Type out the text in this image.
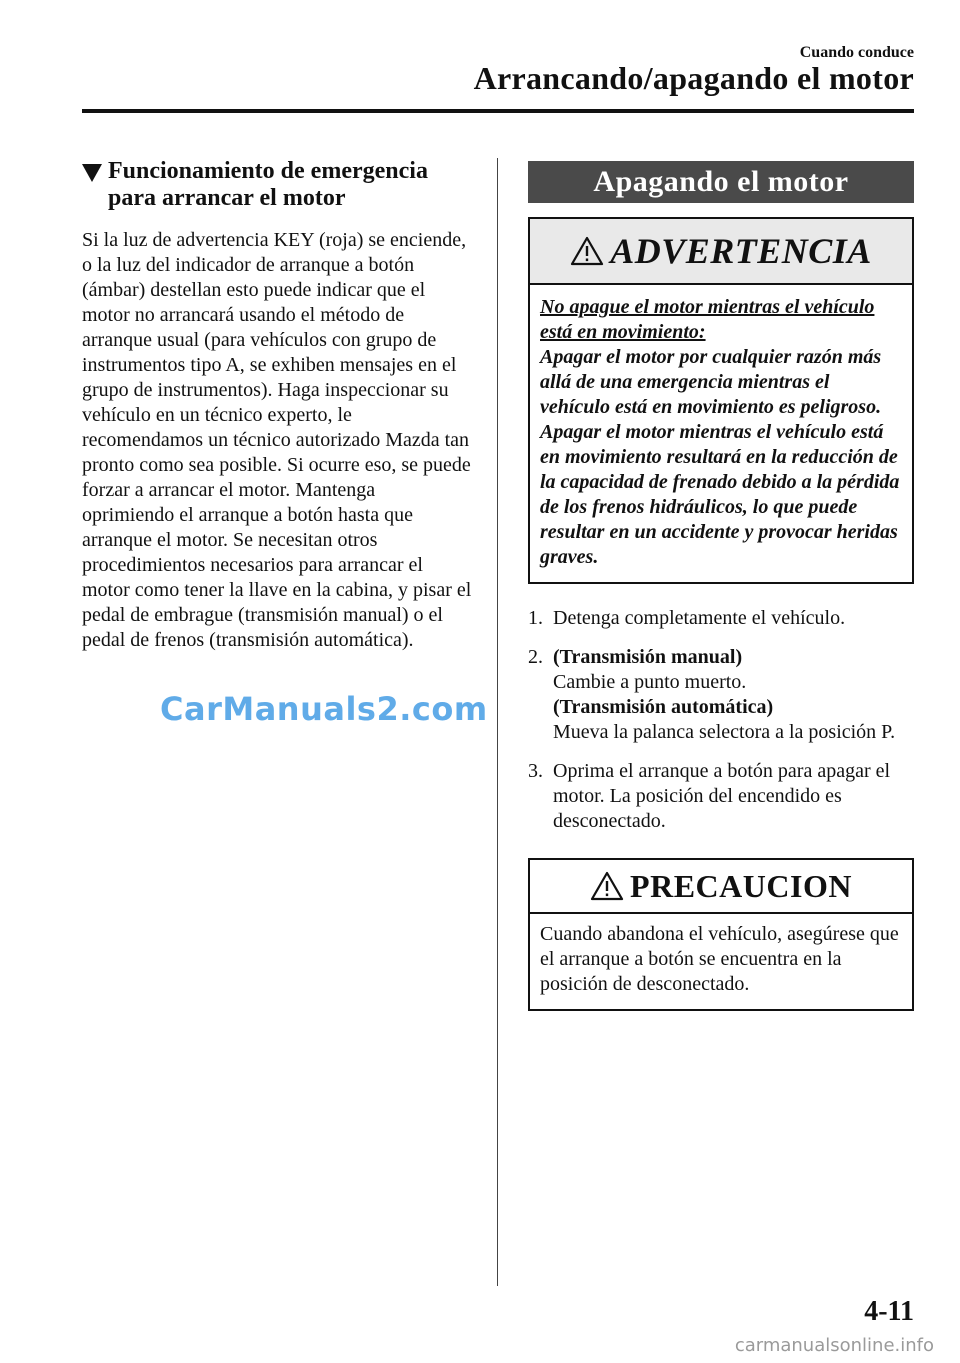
Cuando conduce
Arrancando/apagando el motor
Funcionamiento de emergencia para arrancar el motor

Si la luz de advertencia KEY (roja) se enciende, o la luz del indicador de arranque a botón (ámbar) destellan esto puede indicar que el motor no arrancará usando el método de arranque usual (para vehículos con grupo de instrumentos tipo A, se exhiben mensajes en el grupo de instrumentos). Haga inspeccionar su vehículo en un técnico experto, le recomendamos un técnico autorizado Mazda tan pronto como sea posible. Si ocurre eso, se puede forzar a arrancar el motor. Mantenga oprimiendo el arranque a botón hasta que arranque el motor. Se necesitan otros procedimientos necesarios para arrancar el motor como tener la llave en la cabina, y pisar el pedal de embrague (transmisión manual) o el pedal de frenos (transmisión automática).

CarManuals2.com
Apagando el motor
ADVERTENCIA
No apague el motor mientras el vehículo está en movimiento:
Apagar el motor por cualquier razón más allá de una emergencia mientras el vehículo está en movimiento es peligroso. Apagar el motor mientras el vehículo está en movimiento resultará en la reducción de la capacidad de frenado debido a la pérdida de los frenos hidráulicos, lo que puede resultar en un accidente y provocar heridas graves.
1. Detenga completamente el vehículo.
2. (Transmisión manual)
Cambie a punto muerto.
(Transmisión automática)
Mueva la palanca selectora a la posición P.
3. Oprima el arranque a botón para apagar el motor. La posición del encendido es desconectado.
PRECAUCION
Cuando abandona el vehículo, asegúrese que el arranque a botón se encuentra en la posición de desconectado.
4-11
carmanualsonline.info
